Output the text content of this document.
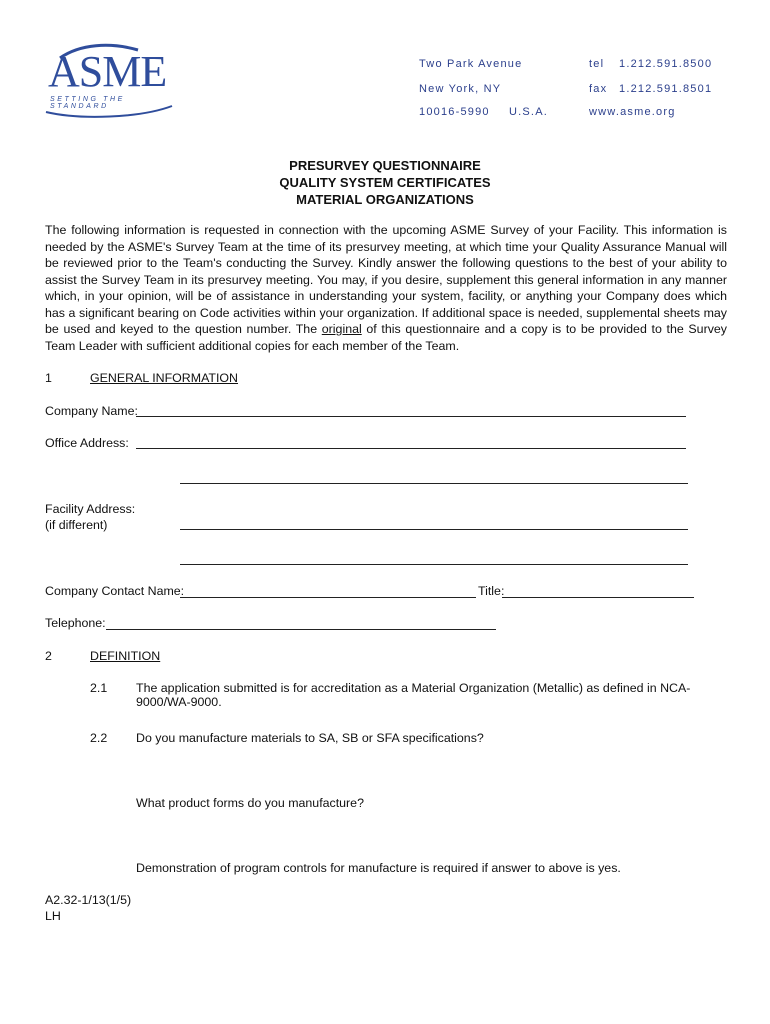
ASME
SETTING THE STANDARD
Two Park Avenue
New York, NY
10016-5990 U.S.A.
tel 1.212.591.8500
fax 1.212.591.8501
www.asme.org
PRESURVEY QUESTIONNAIRE
QUALITY SYSTEM CERTIFICATES
MATERIAL ORGANIZATIONS
The following information is requested in connection with the upcoming ASME Survey of your Facility. This information is needed by the ASME's Survey Team at the time of its presurvey meeting, at which time your Quality Assurance Manual will be reviewed prior to the Team's conducting the Survey. Kindly answer the following questions to the best of your ability to assist the Survey Team in its presurvey meeting. You may, if you desire, supplement this general information in any manner which, in your opinion, will be of assistance in understanding your system, facility, or anything your Company does which has a significant bearing on Code activities within your organization. If additional space is needed, supplemental sheets may be used and keyed to the question number. The original of this questionnaire and a copy is to be provided to the Survey Team Leader with sufficient additional copies for each member of the Team.
1	GENERAL INFORMATION
Company Name:
Office Address:
Facility Address:
(if different)
Company Contact Name:	Title:
Telephone:
2	DEFINITION
2.1 The application submitted is for accreditation as a Material Organization (Metallic) as defined in NCA-9000/WA-9000.
2.2 Do you manufacture materials to SA, SB or SFA specifications?
What product forms do you manufacture?
Demonstration of program controls for manufacture is required if answer to above is yes.
A2.32-1/13(1/5)
LH
